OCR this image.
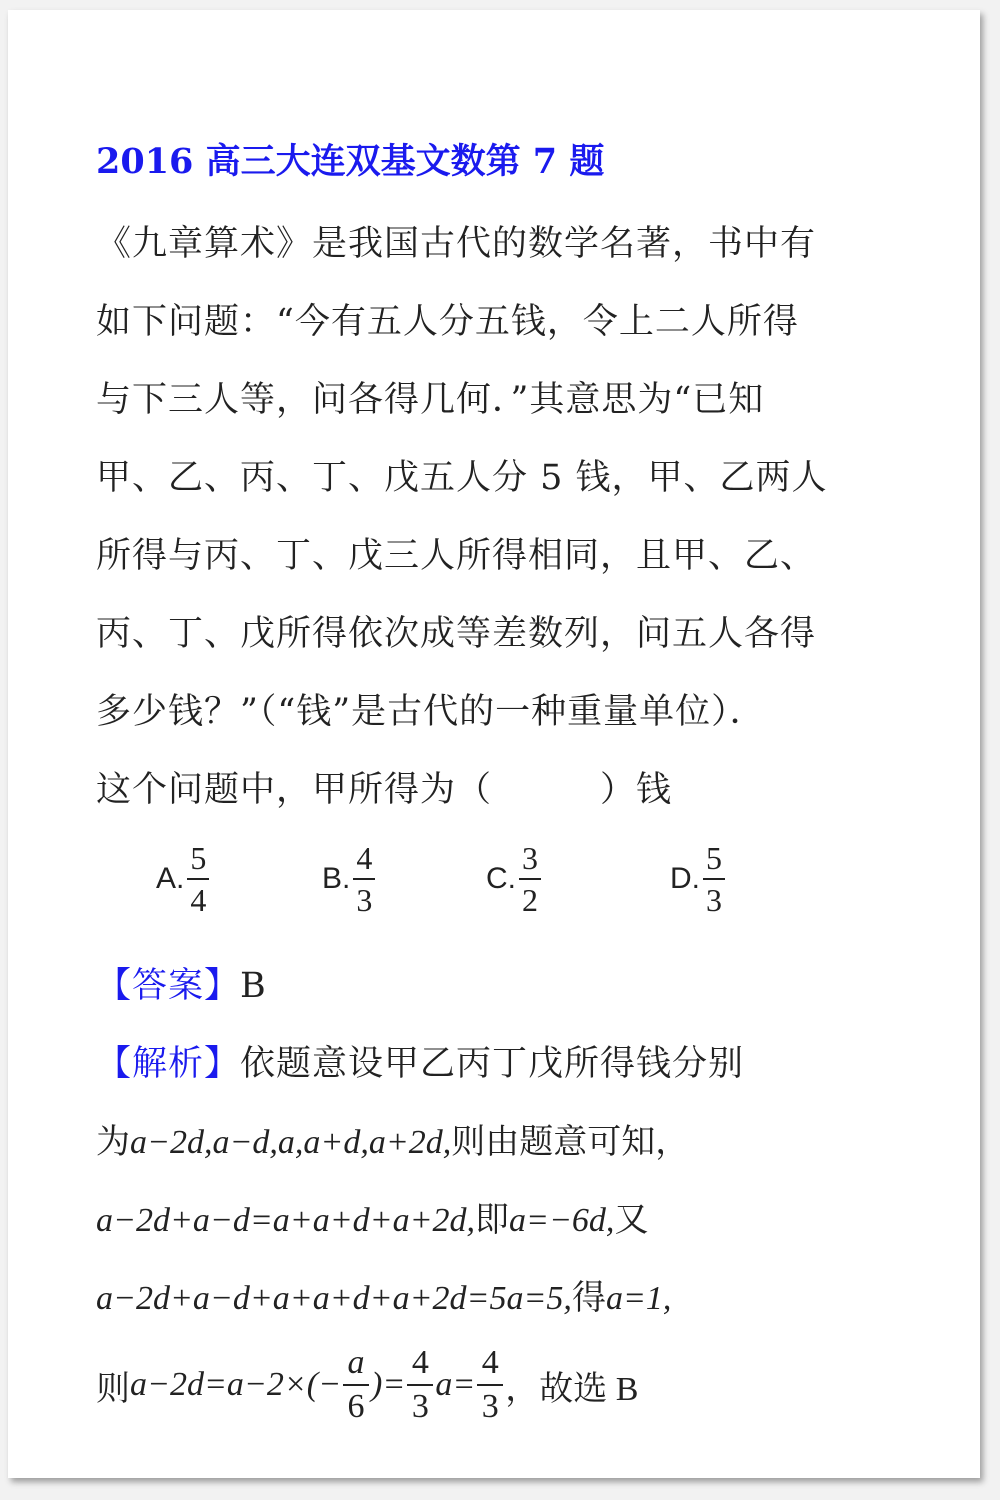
2016 高三大连双基文数第 7 题
《九章算术》是我国古代的数学名著，书中有
如下问题：“今有五人分五钱，令上二人所得
与下三人等，问各得几何．”其意思为“已知
甲、乙、丙、丁、戊五人分 5 钱，甲、乙两人
所得与丙、丁、戊三人所得相同，且甲、乙、
丙、丁、戊所得依次成等差数列，问五人各得
多少钱？”（“钱”是古代的一种重量单位）．
这个问题中，甲所得为（　　　）钱
A. $\frac{5}{4}$	B. $\frac{4}{3}$	C. $\frac{3}{2}$	D. $\frac{5}{3}$
【答案】B
【解析】依题意设甲乙丙丁戊所得钱分别
为a−2d,a−d,a,a+d,a+2d,则由题意可知，
a−2d+a−d=a+a+d+a+2d,即a=−6d,又
a−2d+a−d+a+a+d+a+2d=5a=5,得a=1,
则 a−2d=a−2×(−
a
6
)=
4
3
a=
4
3 ，故选 B
